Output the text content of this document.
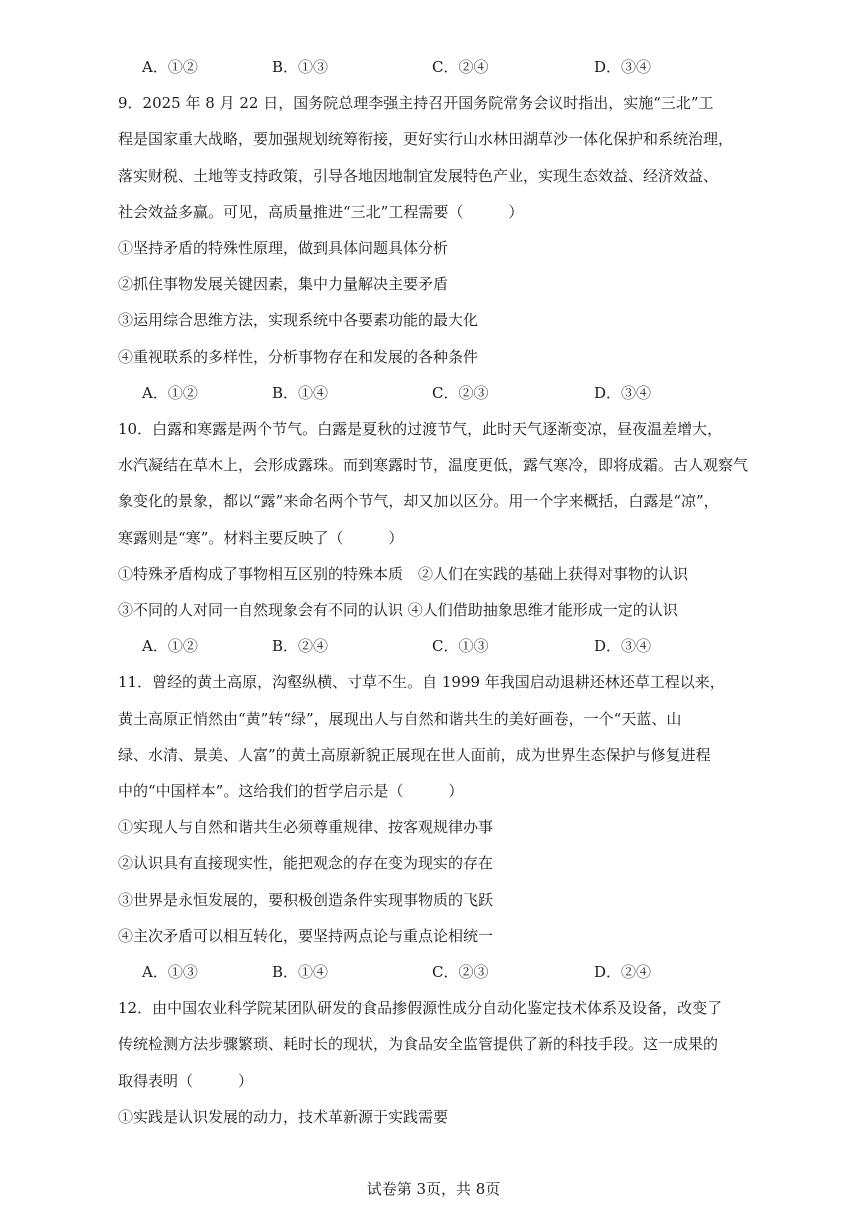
A．①②	B．①③	C．②④	D．③④
9．2025 年 8 月 22 日，国务院总理李强主持召开国务院常务会议时指出，实施“三北”工
程是国家重大战略，要加强规划统筹衔接，更好实行山水林田湖草沙一体化保护和系统治理，
落实财税、土地等支持政策，引导各地因地制宜发展特色产业，实现生态效益、经济效益、
社会效益多赢。可见，高质量推进“三北”工程需要（　　　）
①坚持矛盾的特殊性原理，做到具体问题具体分析
②抓住事物发展关键因素，集中力量解决主要矛盾
③运用综合思维方法，实现系统中各要素功能的最大化
④重视联系的多样性，分析事物存在和发展的各种条件
A．①②	B．①④	C．②③	D．③④
10．白露和寒露是两个节气。白露是夏秋的过渡节气，此时天气逐渐变凉，昼夜温差增大，
水汽凝结在草木上，会形成露珠。而到寒露时节，温度更低，露气寒冷，即将成霜。古人观察气
象变化的景象，都以“露”来命名两个节气，却又加以区分。用一个字来概括，白露是“凉”，
寒露则是“寒”。材料主要反映了（　　　）
①特殊矛盾构成了事物相互区别的特殊本质　②人们在实践的基础上获得对事物的认识
③不同的人对同一自然现象会有不同的认识 ④人们借助抽象思维才能形成一定的认识
A．①②	B．②④	C．①③	D．③④
11．曾经的黄土高原，沟壑纵横、寸草不生。自 1999 年我国启动退耕还林还草工程以来，
黄土高原正悄然由“黄”转“绿”，展现出人与自然和谐共生的美好画卷，一个“天蓝、山
绿、水清、景美、人富”的黄土高原新貌正展现在世人面前，成为世界生态保护与修复进程
中的“中国样本”。这给我们的哲学启示是（　　　）
①实现人与自然和谐共生必须尊重规律、按客观规律办事
②认识具有直接现实性，能把观念的存在变为现实的存在
③世界是永恒发展的，要积极创造条件实现事物质的飞跃
④主次矛盾可以相互转化，要坚持两点论与重点论相统一
A．①③	B．①④	C．②③	D．②④
12．由中国农业科学院某团队研发的食品掺假源性成分自动化鉴定技术体系及设备，改变了
传统检测方法步骤繁琐、耗时长的现状，为食品安全监管提供了新的科技手段。这一成果的
取得表明（　　　）
①实践是认识发展的动力，技术革新源于实践需要
试卷第 3页，共 8页
